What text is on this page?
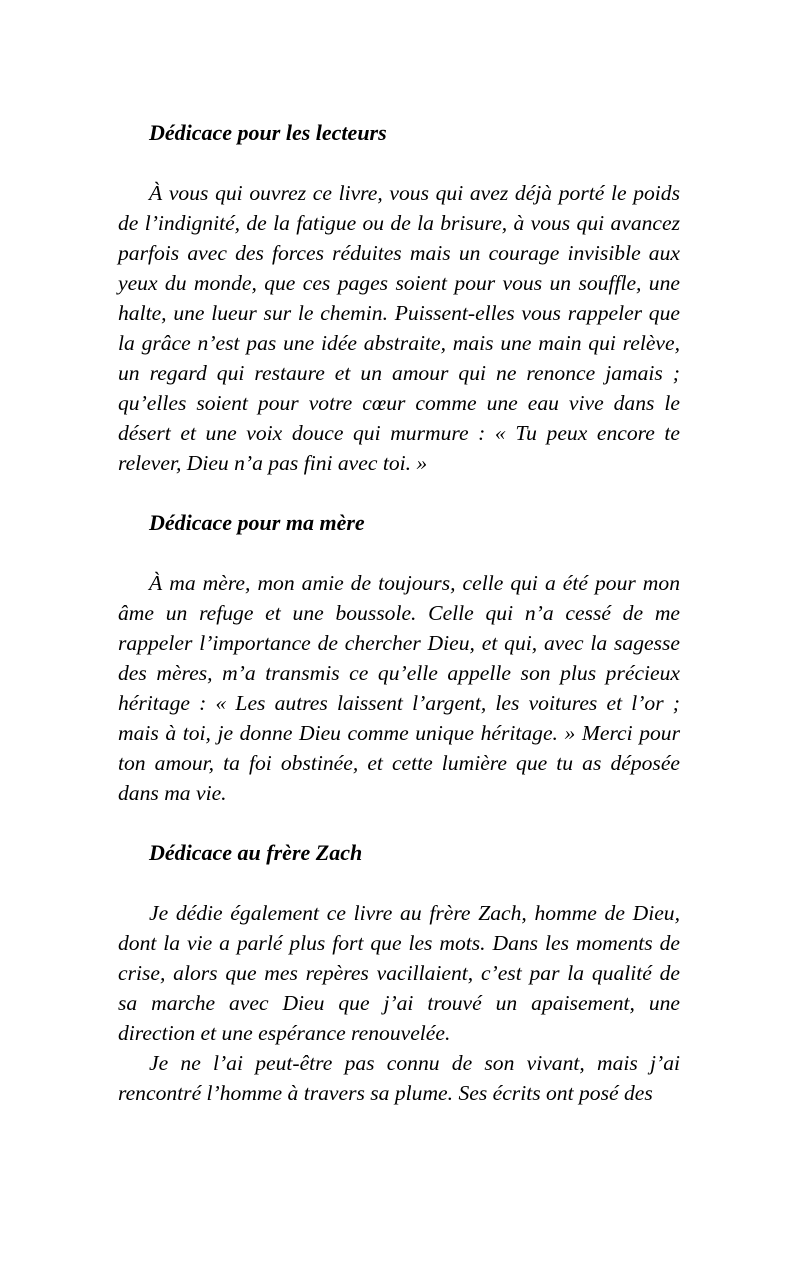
Dédicace pour les lecteurs

À vous qui ouvrez ce livre, vous qui avez déjà porté le poids de l’indignité, de la fatigue ou de la brisure, à vous qui avancez parfois avec des forces réduites mais un courage invisible aux yeux du monde, que ces pages soient pour vous un souffle, une halte, une lueur sur le chemin. Puissent-elles vous rappeler que la grâce n’est pas une idée abstraite, mais une main qui relève, un regard qui restaure et un amour qui ne renonce jamais ; qu’elles soient pour votre cœur comme une eau vive dans le désert et une voix douce qui murmure : « Tu peux encore te relever, Dieu n’a pas fini avec toi. »

Dédicace pour ma mère

À ma mère, mon amie de toujours, celle qui a été pour mon âme un refuge et une boussole. Celle qui n’a cessé de me rappeler l’importance de chercher Dieu, et qui, avec la sagesse des mères, m’a transmis ce qu’elle appelle son plus précieux héritage : « Les autres laissent l’argent, les voitures et l’or ; mais à toi, je donne Dieu comme unique héritage. » Merci pour ton amour, ta foi obstinée, et cette lumière que tu as déposée dans ma vie.

Dédicace au frère Zach

Je dédie également ce livre au frère Zach, homme de Dieu, dont la vie a parlé plus fort que les mots. Dans les moments de crise, alors que mes repères vacillaient, c’est par la qualité de sa marche avec Dieu que j’ai trouvé un apaisement, une direction et une espérance renouvelée.

Je ne l’ai peut-être pas connu de son vivant, mais j’ai rencontré l’homme à travers sa plume. Ses écrits ont posé des
